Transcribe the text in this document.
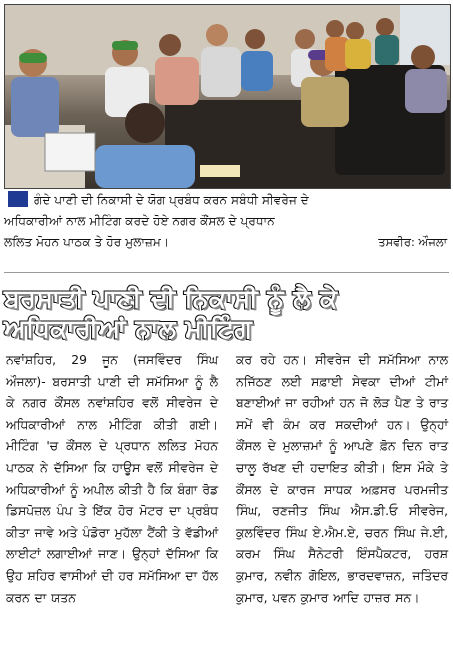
ਗੰਦੇ ਪਾਣੀ ਦੀ ਨਿਕਾਸੀ ਦੇ ਯੋਗ ਪ੍ਰਬੰਧ ਕਰਨ ਸਬੰਧੀ ਸੀਵਰੇਜ ਦੇ
ਅਧਿਕਾਰੀਆਂ ਨਾਲ ਮੀਟਿੰਗ ਕਰਦੇ ਹੋਏ ਨਗਰ ਕੌਂਸਲ ਦੇ ਪ੍ਰਧਾਨ
ਲਲਿਤ ਮੋਹਨ ਪਾਠਕ ਤੇ ਹੋਰ ਮੁਲਾਜ਼ਮ।	ਤਸਵੀਰ: ਔਜਲਾ
ਬਰਸਾਤੀ ਪਾਣੀ ਦੀ ਨਿਕਾਸੀ ਨੂੰ ਲੈ ਕੇ ਅਧਿਕਾਰੀਆਂ ਨਾਲ ਮੀਟਿੰਗ

ਨਵਾਂਸ਼ਹਿਰ, 29 ਜੂਨ (ਜਸਵਿੰਦਰ ਸਿੰਘ ਔਜਲਾ)- ਬਰਸਾਤੀ ਪਾਣੀ ਦੀ ਸਮੱਸਿਆ ਨੂੰ ਲੈ ਕੇ ਨਗਰ ਕੌਂਸਲ ਨਵਾਂਸ਼ਹਿਰ ਵਲੋਂ ਸੀਵਰੇਜ ਦੇ ਅਧਿਕਾਰੀਆਂ ਨਾਲ ਮੀਟਿੰਗ ਕੀਤੀ ਗਈ। ਮੀਟਿੰਗ 'ਚ ਕੌਂਸਲ ਦੇ ਪ੍ਰਧਾਨ ਲਲਿਤ ਮੋਹਨ ਪਾਠਕ ਨੇ ਦੱਸਿਆ ਕਿ ਹਾਊਸ ਵਲੋਂ ਸੀਵਰੇਜ ਦੇ ਅਧਿਕਾਰੀਆਂ ਨੂੰ ਅਪੀਲ ਕੀਤੀ ਹੈ ਕਿ ਬੰਗਾ ਰੋਡ ਡਿਸਪੋਜ਼ਲ ਪੰਪ ਤੇ ਇੱਕ ਹੋਰ ਮੋਟਰ ਦਾ ਪ੍ਰਬੰਧ ਕੀਤਾ ਜਾਵੇ ਅਤੇ ਪੰਡੋਰਾ ਮੁਹੱਲਾ ਟੈਂਕੀ ਤੇ ਵੱਡੀਆਂ ਲਾਈਟਾਂ ਲਗਾਈਆਂ ਜਾਣ। ਉਨ੍ਹਾਂ ਦੱਸਿਆ ਕਿ ਉਹ ਸ਼ਹਿਰ ਵਾਸੀਆਂ ਦੀ ਹਰ ਸਮੱਸਿਆ ਦਾ ਹੱਲ ਕਰਨ ਦਾ ਯਤਨ

ਕਰ ਰਹੇ ਹਨ। ਸੀਵਰੇਜ ਦੀ ਸਮੱਸਿਆ ਨਾਲ ਨਜਿੱਠਣ ਲਈ ਸਫ਼ਾਈ ਸੇਵਕਾ ਦੀਆਂ ਟੀਮਾਂ ਬਣਾਈਆਂ ਜਾ ਰਹੀਆਂ ਹਨ ਜੋ ਲੋੜ ਪੈਣ ਤੇ ਰਾਤ ਸਮੇਂ ਵੀ ਕੰਮ ਕਰ ਸਕਦੀਆਂ ਹਨ। ਉਨ੍ਹਾਂ ਕੌਂਸਲ ਦੇ ਮੁਲਾਜ਼ਮਾਂ ਨੂੰ ਆਪਣੇ ਫ਼ੋਨ ਦਿਨ ਰਾਤ ਚਾਲੂ ਰੱਖਣ ਦੀ ਹਦਾਇਤ ਕੀਤੀ। ਇਸ ਮੌਕੇ ਤੇ ਕੌਂਸਲ ਦੇ ਕਾਰਜ ਸਾਧਕ ਅਫ਼ਸਰ ਪਰਮਜੀਤ ਸਿੰਘ, ਰਣਜੀਤ ਸਿੰਘ ਐਸ.ਡੀ.ਓ ਸੀਵਰੇਜ, ਕੁਲਵਿੰਦਰ ਸਿੰਘ ਏ.ਐਮ.ਏ, ਚਰਨ ਸਿੰਘ ਜੇ.ਈ, ਕਰਮ ਸਿੰਘ ਸੈਨੇਟਰੀ ਇੰਸਪੈਕਟਰ, ਹਰਸ਼ ਕੁਮਾਰ, ਨਵੀਨ ਗੋਇਲ, ਭਾਰਦਵਾਜ਼ਨ, ਜਤਿੰਦਰ ਕੁਮਾਰ, ਪਵਨ ਕੁਮਾਰ ਆਦਿ ਹਾਜ਼ਰ ਸਨ।
